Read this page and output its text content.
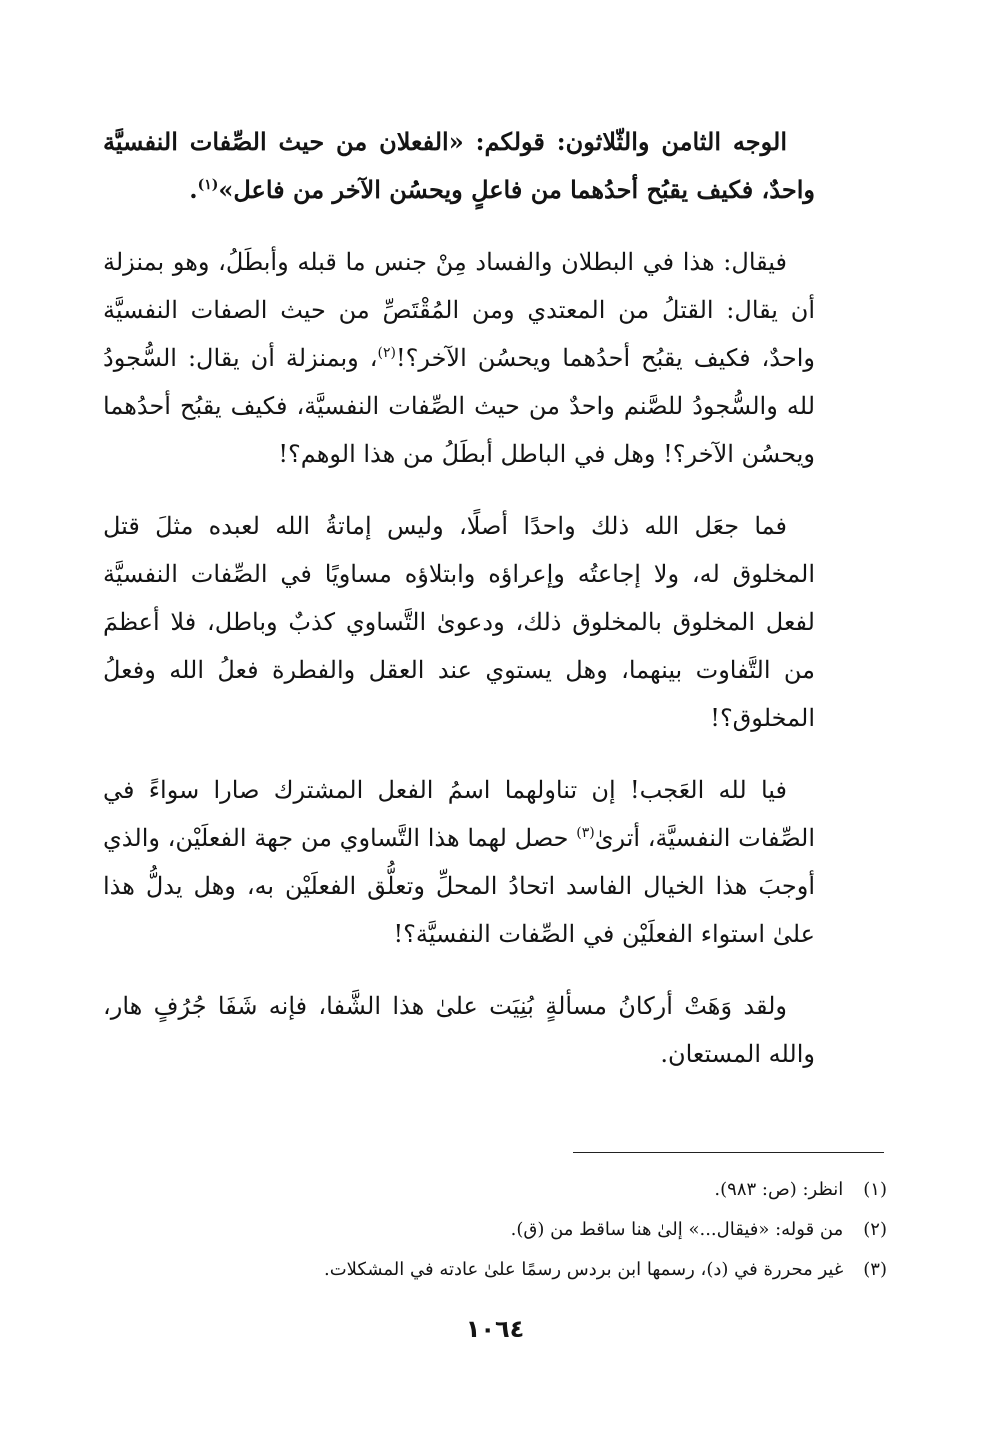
الوجه الثامن والثّلاثون: قولكم: «الفعلان من حيث الصِّفات النفسيَّة واحدٌ، فكيف يقبُح أحدُهما من فاعلٍ ويحسُن الآخر من فاعل»$^{(١)}$.

فيقال: هذا في البطلان والفساد مِنْ جنس ما قبله وأبطَلُ، وهو بمنزلة أن يقال: القتلُ من المعتدي ومن المُقْتَصِّ من حيث الصفات النفسيَّة واحدٌ، فكيف يقبُح أحدُهما ويحسُن الآخر؟!$^{(٢)}$، وبمنزلة أن يقال: السُّجودُ لله والسُّجودُ للصَّنم واحدٌ من حيث الصِّفات النفسيَّة، فكيف يقبُح أحدُهما ويحسُن الآخر؟! وهل في الباطل أبطَلُ من هذا الوهم؟!

فما جعَل الله ذلك واحدًا أصلًا، وليس إماتةُ الله لعبده مثلَ قتل المخلوق له، ولا إجاعتُه وإعراؤه وابتلاؤه مساويًا في الصِّفات النفسيَّة لفعل المخلوق بالمخلوق ذلك، ودعوىٰ التَّساوي كذبٌ وباطل، فلا أعظمَ من التَّفاوت بينهما، وهل يستوي عند العقل والفطرة فعلُ الله وفعلُ المخلوق؟!

فيا لله العَجب! إن تناولهما اسمُ الفعل المشترك صارا سواءً في الصِّفات النفسيَّة، أترىٰ$^{(٣)}$ حصل لهما هذا التَّساوي من جهة الفعلَيْن، والذي أوجبَ هذا الخيال الفاسد اتحادُ المحلِّ وتعلُّق الفعلَيْن به، وهل يدلُّ هذا علىٰ استواء الفعلَيْن في الصِّفات النفسيَّة؟!

ولقد وَهَتْ أركانُ مسألةٍ بُنِيَت علىٰ هذا الشَّفا، فإنه شَفَا جُرُفٍ هار، والله المستعان.

(١) انظر: (ص: ٩٨٣).
(٢) من قوله: «فيقال...» إلىٰ هنا ساقط من (ق).
(٣) غير محررة في (د)، رسمها ابن بردس رسمًا علىٰ عادته في المشكلات.
١٠٦٤
